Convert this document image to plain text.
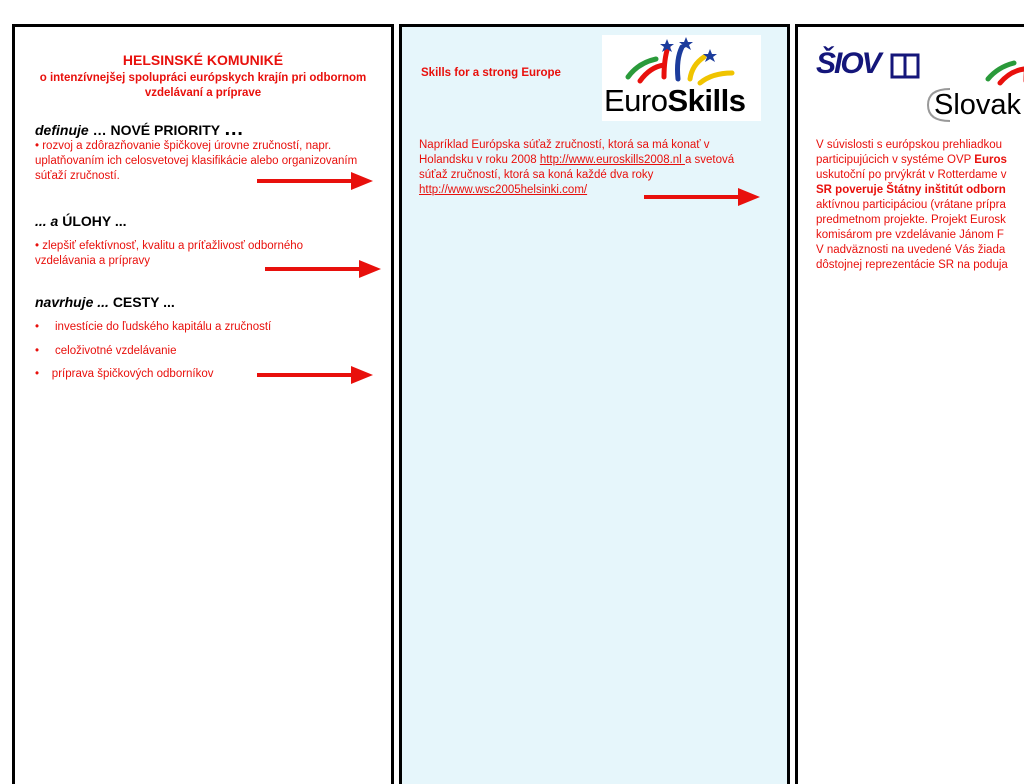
HELSINSKÉ KOMUNIKÉ
o intenzívnejšej spolupráci európskych krajín pri odbornom vzdelávaní a príprave
definuje … NOVÉ PRIORITY …
• rozvoj a zdôrazňovanie špičkovej úrovne zručností, napr. uplatňovaním ich celosvetovej klasifikácie alebo organizovaním súťaží zručností.
... a ÚLOHY ...
• zlepšiť efektívnosť, kvalitu a príťažlivosť odborného vzdelávania a prípravy
navrhuje ... CESTY ...
•     investície do ľudského kapitálu a zručností
•     celoživotné vzdelávanie
•    príprava špičkových odborníkov
Skills for a strong Europe
EuroSkills
Napríklad Európska súťaž zručností, ktorá sa má konať v Holandsku v roku 2008 http://www.euroskills2008.nl a svetová súťaž zručností, ktorá sa koná každé dva roky http://www.wsc2005helsinki.com/
ŠIOV
Slovak
V súvislosti s európskou prehliadkou
participujúcich v systéme OVP Euros
uskutoční po prvýkrát v Rotterdame v
SR poveruje Štátny inštitút odborn
aktívnou participáciou (vrátane prípra
predmetnom projekte. Projekt Eurosk
komisárom pre vzdelávanie Jánom F
V nadväznosti na uvedené Vás žiada
dôstojnej reprezentácie SR na poduja
